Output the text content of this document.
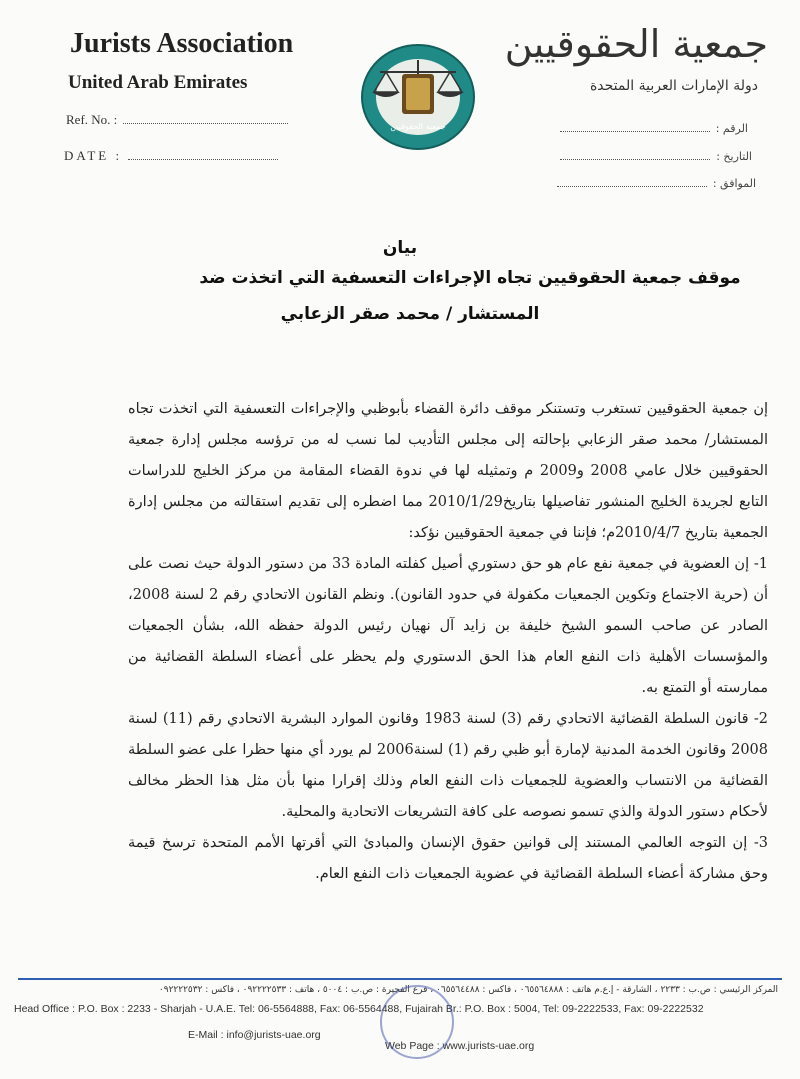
Jurists Association
United Arab Emirates
Ref. No. :
DATE :
جمعية الحقوقيين
جمعية الحقوقيين
دولة الإمارات العربية المتحدة
الرقم :
التاريخ :
الموافق :
بيان
موقف جمعية الحقوقيين تجاه الإجراءات التعسفية التي اتخذت ضد
المستشار / محمد صقر الزعابي

إن جمعية الحقوقيين تستغرب وتستنكر موقف دائرة القضاء بأبوظبي والإجراءات التعسفية التي اتخذت تجاه المستشار/ محمد صقر الزعابي بإحالته إلى مجلس التأديب لما نسب له من ترؤسه مجلس إدارة جمعية الحقوقيين خلال عامي 2008 و2009 م وتمثيله لها في ندوة القضاء المقامة من مركز الخليج للدراسات التابع لجريدة الخليج المنشور تفاصيلها بتاريخ2010/1/29 مما اضطره إلى تقديم استقالته من مجلس إدارة الجمعية بتاريخ 2010/4/7م؛ فإننا في جمعية الحقوقيين نؤكد:

1- إن العضوية في جمعية نفع عام هو حق دستوري أصيل كفلته المادة 33 من دستور الدولة حيث نصت على أن (حرية الاجتماع وتكوين الجمعيات مكفولة في حدود القانون). ونظم القانون الاتحادي رقم 2 لسنة 2008، الصادر عن صاحب السمو الشيخ خليفة بن زايد آل نهيان رئيس الدولة حفظه الله، بشأن الجمعيات والمؤسسات الأهلية ذات النفع العام هذا الحق الدستوري ولم يحظر على أعضاء السلطة القضائية من ممارسته أو التمتع به.

2- قانون السلطة القضائية الاتحادي رقم (3) لسنة 1983 وقانون الموارد البشرية الاتحادي رقم (11) لسنة 2008 وقانون الخدمة المدنية لإمارة أبو ظبي رقم (1) لسنة2006 لم يورد أي منها حظرا على عضو السلطة القضائية من الانتساب والعضوية للجمعيات ذات النفع العام وذلك إقرارا منها بأن مثل هذا الحظر مخالف لأحكام دستور الدولة والذي تسمو نصوصه على كافة التشريعات الاتحادية والمحلية.

3- إن التوجه العالمي المستند إلى قوانين حقوق الإنسان والمبادئ التي أقرتها الأمم المتحدة ترسخ قيمة وحق مشاركة أعضاء السلطة القضائية في عضوية الجمعيات ذات النفع العام.

المركز الرئيسي : ص.ب : ٢٢٣٣ ، الشارقة - إ.ع.م هاتف : ٠٦٥٥٦٤٨٨٨ ، فاكس : ٠٦٥٥٦٤٤٨٨ ، فرع الفجيرة : ص.ب : ٥٠٠٤ ، هاتف : ٠٩٢٢٢٢٥٣٣ ، فاكس : ٠٩٢٢٢٢٥٣٢
Head Office : P.O. Box : 2233 - Sharjah - U.A.E. Tel: 06-5564888, Fax: 06-5564488, Fujairah Br.: P.O. Box : 5004, Tel: 09-2222533, Fax: 09-2222532
E-Mail : info@jurists-uae.org
Web Page : www.jurists-uae.org
